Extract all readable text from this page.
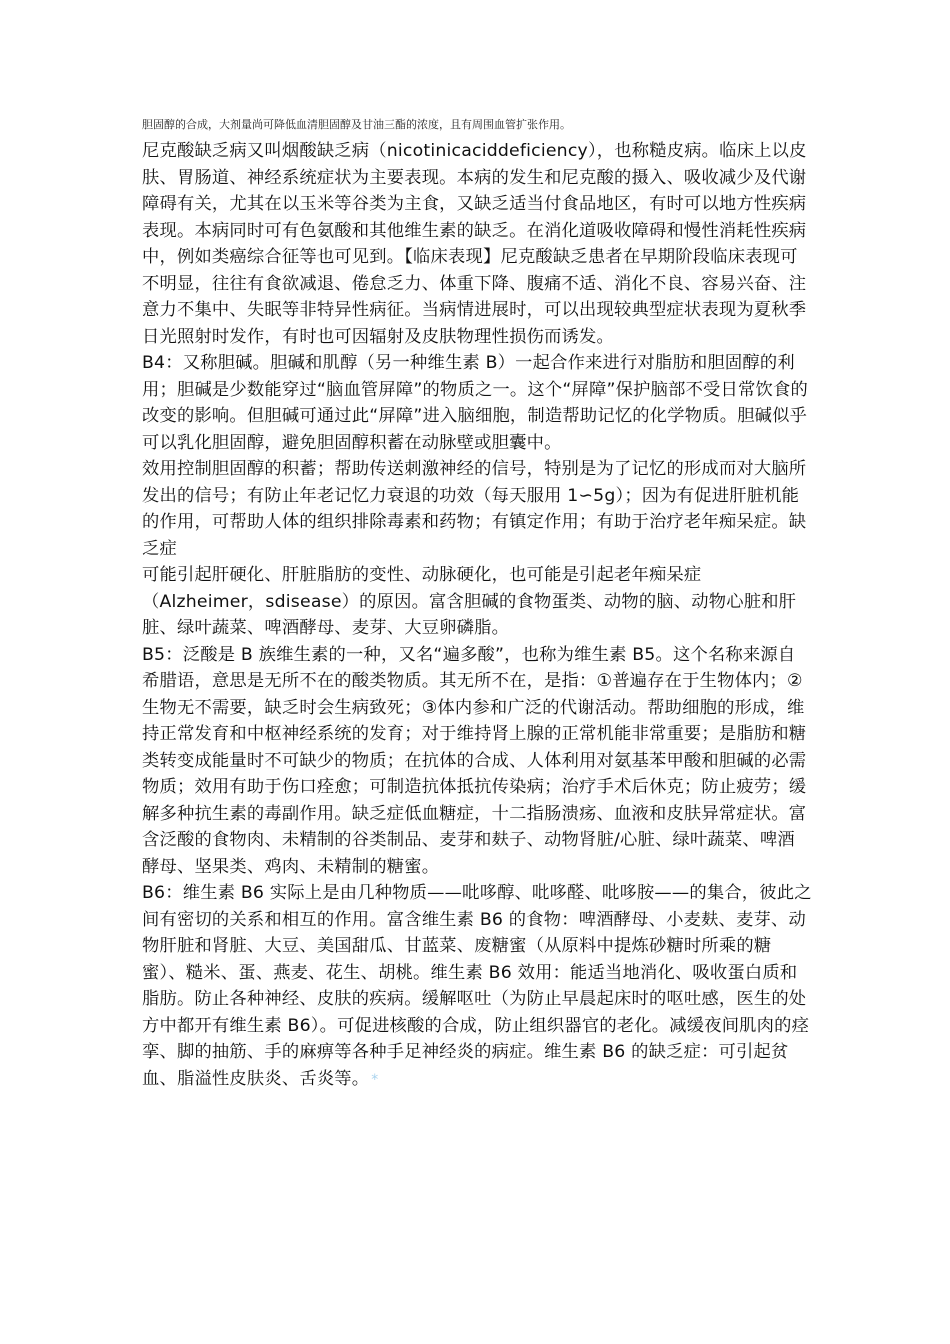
胆固醇的合成，大剂量尚可降低血清胆固醇及甘油三酯的浓度，且有周围血管扩张作用。

尼克酸缺乏病又叫烟酸缺乏病（nicotinicaciddeficiency），也称糙皮病。临床上以皮肤、胃肠道、神经系统症状为主要表现。本病的发生和尼克酸的摄入、吸收减少及代谢障碍有关，尤其在以玉米等谷类为主食，又缺乏适当付食品地区，有时可以地方性疾病表现。本病同时可有色氨酸和其他维生素的缺乏。在消化道吸收障碍和慢性消耗性疾病中，例如类癌综合征等也可见到。【临床表现】尼克酸缺乏患者在早期阶段临床表现可不明显，往往有食欲减退、倦怠乏力、体重下降、腹痛不适、消化不良、容易兴奋、注意力不集中、失眠等非特异性病征。当病情进展时，可以出现较典型症状表现为夏秋季日光照射时发作，有时也可因辐射及皮肤物理性损伤而诱发。

B4：又称胆碱。胆碱和肌醇（另一种维生素 B）一起合作来进行对脂肪和胆固醇的利用；胆碱是少数能穿过“脑血管屏障”的物质之一。这个“屏障”保护脑部不受日常饮食的改变的影响。但胆碱可通过此“屏障”进入脑细胞，制造帮助记忆的化学物质。胆碱似乎可以乳化胆固醇，避免胆固醇积蓄在动脉壁或胆囊中。

效用控制胆固醇的积蓄；帮助传送刺激神经的信号，特别是为了记忆的形成而对大脑所发出的信号；有防止年老记忆力衰退的功效（每天服用 1∽5g）；因为有促进肝脏机能的作用，可帮助人体的组织排除毒素和药物；有镇定作用；有助于治疗老年痴呆症。缺乏症

可能引起肝硬化、肝脏脂肪的变性、动脉硬化，也可能是引起老年痴呆症（Alzheimer，sdisease）的原因。富含胆碱的食物蛋类、动物的脑、动物心脏和肝脏、绿叶蔬菜、啤酒酵母、麦芽、大豆卵磷脂。

B5：泛酸是 B 族维生素的一种，又名“遍多酸”，也称为维生素 B5。这个名称来源自希腊语，意思是无所不在的酸类物质。其无所不在，是指：①普遍存在于生物体内；②生物无不需要，缺乏时会生病致死；③体内参和广泛的代谢活动。帮助细胞的形成，维持正常发育和中枢神经系统的发育；对于维持肾上腺的正常机能非常重要；是脂肪和糖类转变成能量时不可缺少的物质；在抗体的合成、人体利用对氨基苯甲酸和胆碱的必需物质；效用有助于伤口痊愈；可制造抗体抵抗传染病；治疗手术后休克；防止疲劳；缓解多种抗生素的毒副作用。缺乏症低血糖症，十二指肠溃疡、血液和皮肤异常症状。富含泛酸的食物肉、未精制的谷类制品、麦芽和麸子、动物肾脏/心脏、绿叶蔬菜、啤酒酵母、坚果类、鸡肉、未精制的糖蜜。

B6：维生素 B6 实际上是由几种物质——吡哆醇、吡哆醛、吡哆胺——的集合，彼此之间有密切的关系和相互的作用。富含维生素 B6 的食物：啤酒酵母、小麦麸、麦芽、动物肝脏和肾脏、大豆、美国甜瓜、甘蓝菜、废糖蜜（从原料中提炼砂糖时所乘的糖蜜）、糙米、蛋、燕麦、花生、胡桃。维生素 B6 效用：能适当地消化、吸收蛋白质和脂肪。防止各种神经、皮肤的疾病。缓解呕吐（为防止早晨起床时的呕吐感，医生的处方中都开有维生素 B6）。可促进核酸的合成，防止组织器官的老化。减缓夜间肌肉的痉挛、脚的抽筋、手的麻痹等各种手足神经炎的病症。维生素 B6 的缺乏症：可引起贫血、脂溢性皮肤炎、舌炎等。 *
